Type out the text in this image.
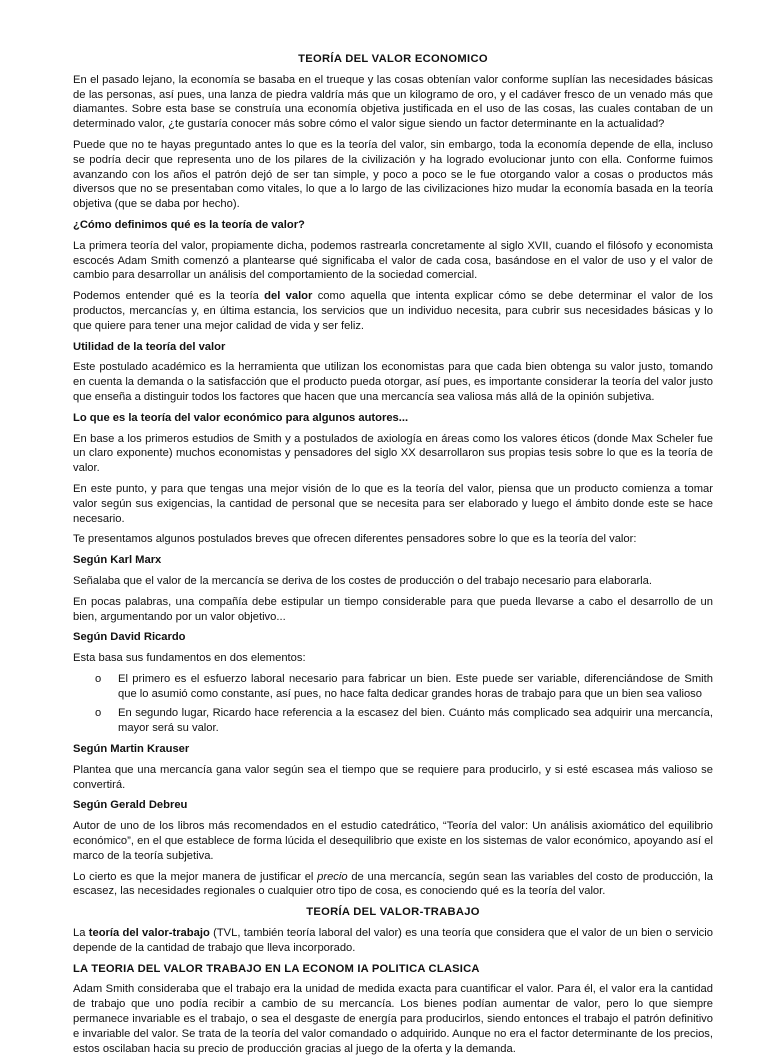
TEORÍA DEL VALOR ECONOMICO

En el pasado lejano, la economía se basaba en el trueque y las cosas obtenían valor conforme suplían las necesidades básicas de las personas, así pues, una lanza de piedra valdría más que un kilogramo de oro, y el cadáver fresco de un venado más que diamantes. Sobre esta base se construía una economía objetiva justificada en el uso de las cosas, las cuales contaban de un determinado valor, ¿te gustaría conocer más sobre cómo el valor sigue siendo un factor determinante en la actualidad?

Puede que no te hayas preguntado antes lo que es la teoría del valor, sin embargo, toda la economía depende de ella, incluso se podría decir que representa uno de los pilares de la civilización y ha logrado evolucionar junto con ella. Conforme fuimos avanzando con los años el patrón dejó de ser tan simple, y poco a poco se le fue otorgando valor a cosas o productos más diversos que no se presentaban como vitales, lo que a lo largo de las civilizaciones hizo mudar la economía basada en la teoría objetiva (que se daba por hecho).

¿Cómo definimos qué es la teoría de valor?

La primera teoría del valor, propiamente dicha, podemos rastrearla concretamente al siglo XVII, cuando el filósofo y economista escocés Adam Smith comenzó a plantearse qué significaba el valor de cada cosa, basándose en el valor de uso y el valor de cambio para desarrollar un análisis del comportamiento de la sociedad comercial.

Podemos entender qué es la teoría del valor como aquella que intenta explicar cómo se debe determinar el valor de los productos, mercancías y, en última estancia, los servicios que un individuo necesita, para cubrir sus necesidades básicas y lo que quiere para tener una mejor calidad de vida y ser feliz.

Utilidad de la teoría del valor

Este postulado académico es la herramienta que utilizan los economistas para que cada bien obtenga su valor justo, tomando en cuenta la demanda o la satisfacción que el producto pueda otorgar, así pues, es importante considerar la teoría del valor justo que enseña a distinguir todos los factores que hacen que una mercancía sea valiosa más allá de la opinión subjetiva.

Lo que es la teoría del valor económico para algunos autores...

En base a los primeros estudios de Smith y a postulados de axiología en áreas como los valores éticos (donde Max Scheler fue un claro exponente) muchos economistas y pensadores del siglo XX desarrollaron sus propias tesis sobre lo que es la teoría de valor.

En este punto, y para que tengas una mejor visión de lo que es la teoría del valor, piensa que un producto comienza a tomar valor según sus exigencias, la cantidad de personal que se necesita para ser elaborado y luego el ámbito donde este se hace necesario.

Te presentamos algunos postulados breves que ofrecen diferentes pensadores sobre lo que es la teoría del valor:

Según Karl Marx

Señalaba que el valor de la mercancía se deriva de los costes de producción o del trabajo necesario para elaborarla.

En pocas palabras, una compañía debe estipular un tiempo considerable para que pueda llevarse a cabo el desarrollo de un bien, argumentando por un valor objetivo...

Según David Ricardo

Esta basa sus fundamentos en dos elementos:

o El primero es el esfuerzo laboral necesario para fabricar un bien. Este puede ser variable, diferenciándose de Smith que lo asumió como constante, así pues, no hace falta dedicar grandes horas de trabajo para que un bien sea valioso
o En segundo lugar, Ricardo hace referencia a la escasez del bien. Cuánto más complicado sea adquirir una mercancía, mayor será su valor.
Según Martin Krauser

Plantea que una mercancía gana valor según sea el tiempo que se requiere para producirlo, y si esté escasea más valioso se convertirá.

Según Gerald Debreu

Autor de uno de los libros más recomendados en el estudio catedrático, “Teoría del valor: Un análisis axiomático del equilibrio económico”, en el que establece de forma lúcida el desequilibrio que existe en los sistemas de valor económico, apoyando así el marco de la teoría subjetiva.

Lo cierto es que la mejor manera de justificar el precio de una mercancía, según sean las variables del costo de producción, la escasez, las necesidades regionales o cualquier otro tipo de cosa, es conociendo qué es la teoría del valor.

TEORÍA DEL VALOR-TRABAJO

La teoría del valor-trabajo (TVL, también teoría laboral del valor) es una teoría que considera que el valor de un bien o servicio depende de la cantidad de trabajo que lleva incorporado.

LA TEORIA DEL VALOR TRABAJO EN LA ECONOM IA POLITICA CLASICA

Adam Smith consideraba que el trabajo era la unidad de medida exacta para cuantificar el valor. Para él, el valor era la cantidad de trabajo que uno podía recibir a cambio de su mercancía. Los bienes podían aumentar de valor, pero lo que siempre permanece invariable es el trabajo, o sea el desgaste de energía para producirlos, siendo entonces el trabajo el patrón definitivo e invariable del valor. Se trata de la teoría del valor comandado o adquirido. Aunque no era el factor determinante de los precios, estos oscilaban hacia su precio de producción gracias al juego de la oferta y la demanda.
